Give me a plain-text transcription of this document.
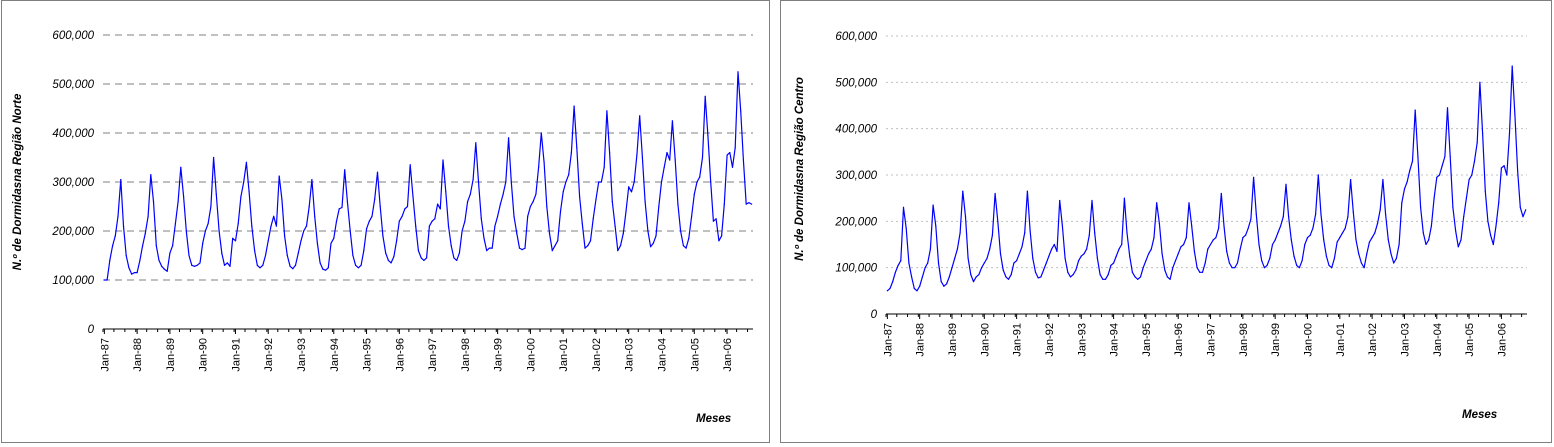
0
100,000
200,000
300,000
400,000
500,000
600,000
Jan-87 Jan-88 Jan-89 Jan-90 Jan-91 Jan-92 Jan-93 Jan-94 Jan-95 Jan-96 Jan-97 Jan-98 Jan-99 Jan-00 Jan-01 Jan-02 Jan-03 Jan-04 Jan-05 Jan-06
N.º de Dormidasna Região Norte
Meses
0
100,000
200,000
300,000
400,000
500,000
600,000
Jan-87 Jan-88 Jan-89 Jan-90 Jan-91 Jan-92 Jan-93 Jan-94 Jan-95 Jan-96 Jan-97 Jan-98 Jan-99 Jan-00 Jan-01 Jan-02 Jan-03 Jan-04 Jan-05 Jan-06
N.º de Dormidasna Região Centro
Meses
